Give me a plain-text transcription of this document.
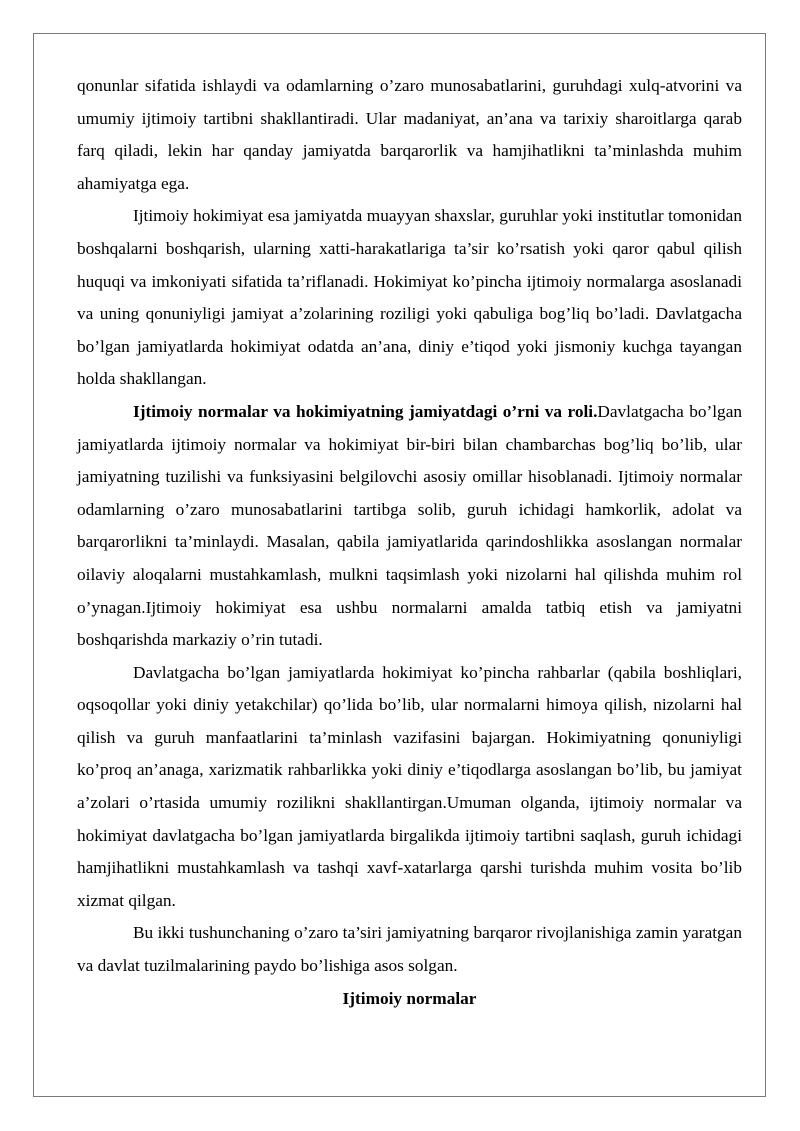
qonunlar sifatida ishlaydi va odamlarning o’zaro munosabatlarini, guruhdagi xulq-atvorini va umumiy ijtimoiy tartibni shakllantiradi. Ular madaniyat, an’ana va tarixiy sharoitlarga qarab farq qiladi, lekin har qanday jamiyatda barqarorlik va hamjihatlikni ta’minlashda muhim ahamiyatga ega.

Ijtimoiy hokimiyat esa jamiyatda muayyan shaxslar, guruhlar yoki institutlar tomonidan boshqalarni boshqarish, ularning xatti-harakatlariga ta’sir ko’rsatish yoki qaror qabul qilish huquqi va imkoniyati sifatida ta’riflanadi. Hokimiyat ko’pincha ijtimoiy normalarga asoslanadi va uning qonuniyligi jamiyat a’zolarining roziligi yoki qabuliga bog’liq bo’ladi. Davlatgacha bo’lgan jamiyatlarda hokimiyat odatda an’ana, diniy e’tiqod yoki jismoniy kuchga tayangan holda shakllangan.

Ijtimoiy normalar va hokimiyatning jamiyatdagi o’rni va roli.Davlatgacha bo’lgan jamiyatlarda ijtimoiy normalar va hokimiyat bir-biri bilan chambarchas bog’liq bo’lib, ular jamiyatning tuzilishi va funksiyasini belgilovchi asosiy omillar hisoblanadi. Ijtimoiy normalar odamlarning o’zaro munosabatlarini tartibga solib, guruh ichidagi hamkorlik, adolat va barqarorlikni ta’minlaydi. Masalan, qabila jamiyatlarida qarindoshlikka asoslangan normalar oilaviy aloqalarni mustahkamlash, mulkni taqsimlash yoki nizolarni hal qilishda muhim rol o’ynagan.Ijtimoiy hokimiyat esa ushbu normalarni amalda tatbiq etish va jamiyatni boshqarishda markaziy o’rin tutadi.

Davlatgacha bo’lgan jamiyatlarda hokimiyat ko’pincha rahbarlar (qabila boshliqlari, oqsoqollar yoki diniy yetakchilar) qo’lida bo’lib, ular normalarni himoya qilish, nizolarni hal qilish va guruh manfaatlarini ta’minlash vazifasini bajargan. Hokimiyatning qonuniyligi ko’proq an’anaga, xarizmatik rahbarlikka yoki diniy e’tiqodlarga asoslangan bo’lib, bu jamiyat a’zolari o’rtasida umumiy rozilikni shakllantirgan.Umuman olganda, ijtimoiy normalar va hokimiyat davlatgacha bo’lgan jamiyatlarda birgalikda ijtimoiy tartibni saqlash, guruh ichidagi hamjihatlikni mustahkamlash va tashqi xavf-xatarlarga qarshi turishda muhim vosita bo’lib xizmat qilgan.

Bu ikki tushunchaning o’zaro ta’siri jamiyatning barqaror rivojlanishiga zamin yaratgan va davlat tuzilmalarining paydo bo’lishiga asos solgan.

Ijtimoiy normalar
